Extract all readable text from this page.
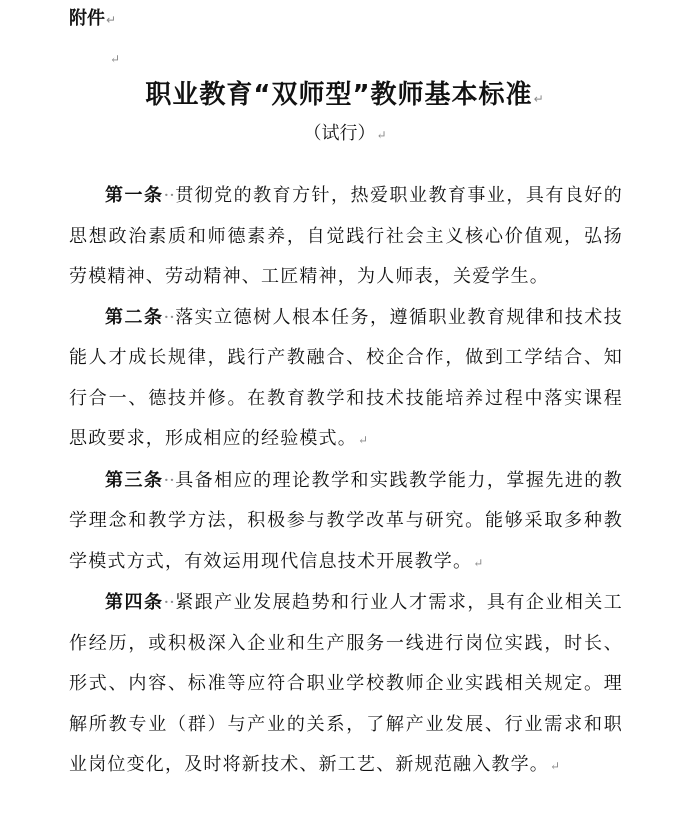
附件↵
↵
职业教育“双师型”教师基本标准↵
（试行）↵

第一条··贯彻党的教育方针，热爱职业教育事业，具有良好的思想政治素质和师德素养，自觉践行社会主义核心价值观，弘扬劳模精神、劳动精神、工匠精神，为人师表，关爱学生。

第二条··落实立德树人根本任务，遵循职业教育规律和技术技能人才成长规律，践行产教融合、校企合作，做到工学结合、知行合一、德技并修。在教育教学和技术技能培养过程中落实课程思政要求，形成相应的经验模式。↵

第三条··具备相应的理论教学和实践教学能力，掌握先进的教学理念和教学方法，积极参与教学改革与研究。能够采取多种教学模式方式，有效运用现代信息技术开展教学。↵

第四条··紧跟产业发展趋势和行业人才需求，具有企业相关工作经历，或积极深入企业和生产服务一线进行岗位实践，时长、形式、内容、标准等应符合职业学校教师企业实践相关规定。理解所教专业（群）与产业的关系，了解产业发展、行业需求和职业岗位变化，及时将新技术、新工艺、新规范融入教学。↵
